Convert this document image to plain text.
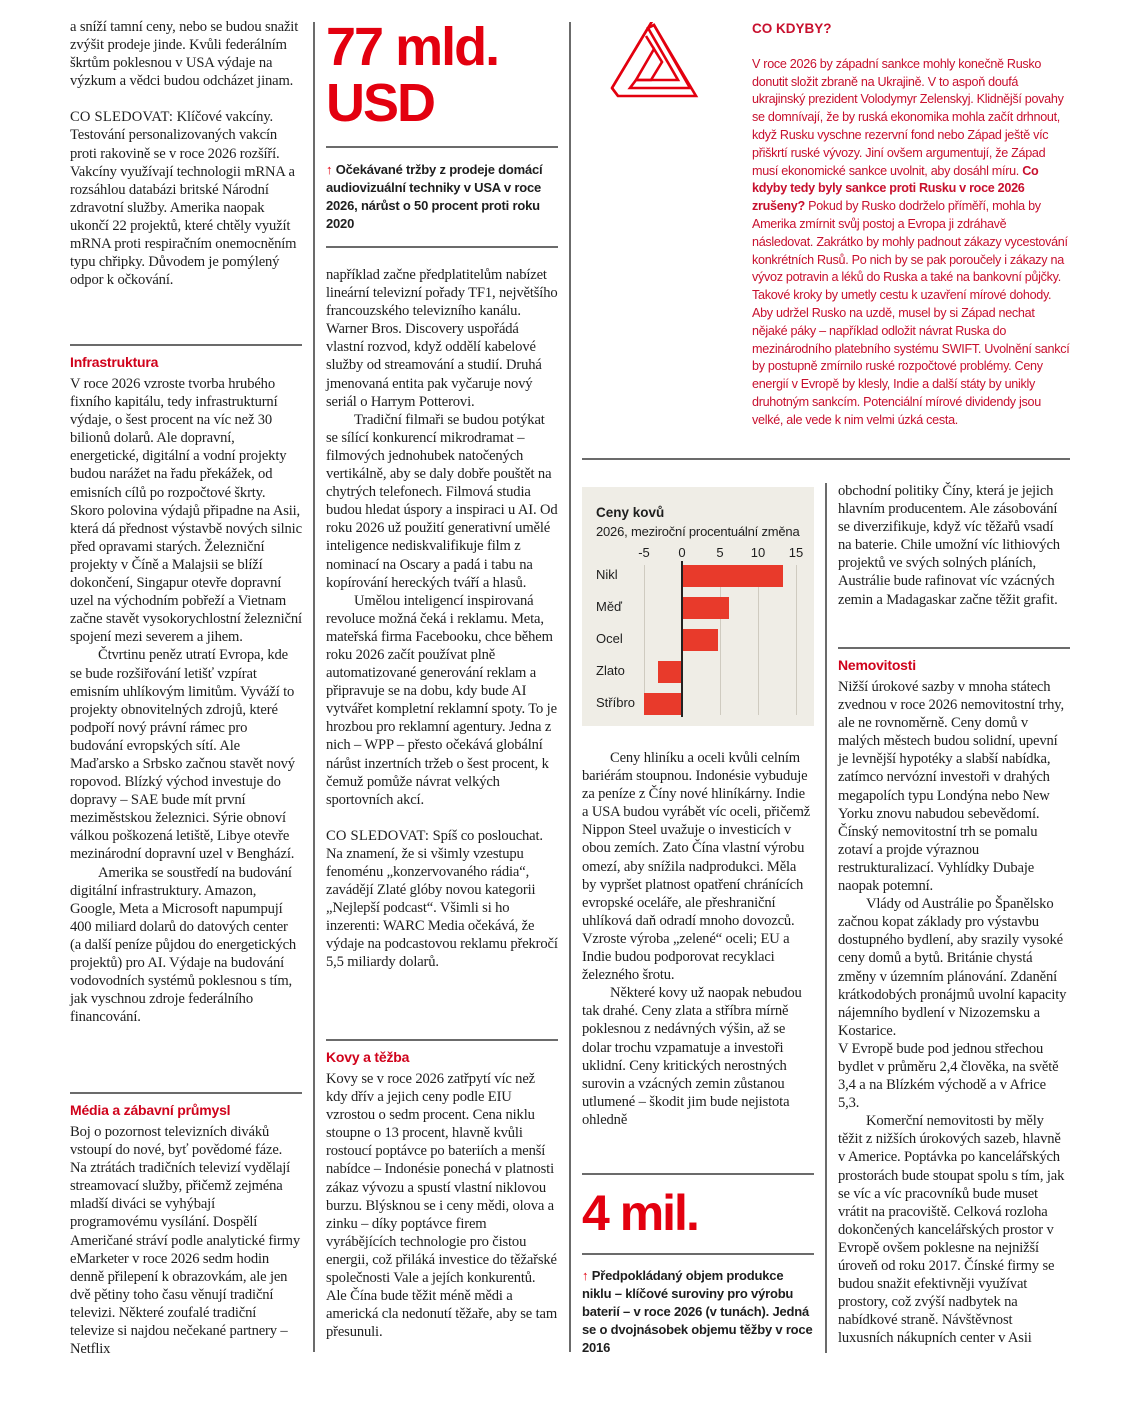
a sníží tamní ceny, nebo se budou snažit zvýšit prodeje jinde. Kvůli federálním škrtům poklesnou v USA výdaje na výzkum a vědci budou odcházet jinam.

CO SLEDOVAT: Klíčové vakcíny. Testování personalizovaných vakcín proti rakovině se v roce 2026 rozšíří. Vakcíny využívají technologii mRNA a rozsáhlou databázi britské Národní zdravotní služby. Amerika naopak ukončí 22 projektů, které chtěly využít mRNA proti respiračním onemocněním typu chřipky. Důvodem je pomýlený odpor k očkování.

Infrastruktura

V roce 2026 vzroste tvorba hrubého fixního kapitálu, tedy infrastrukturní výdaje, o šest procent na víc než 30 bilionů dolarů. Ale dopravní, energetické, digitální a vodní projekty budou narážet na řadu překážek, od emisních cílů po rozpočtové škrty. Skoro polovina výdajů připadne na Asii, která dá přednost výstavbě nových silnic před opravami starých. Železniční projekty v Číně a Malajsii se blíží dokončení, Singapur otevře dopravní uzel na východním pobřeží a Vietnam začne stavět vysokorychlostní železniční spojení mezi severem a jihem.

Čtvrtinu peněz utratí Evropa, kde se bude rozšiřování letišť vzpírat emisním uhlíkovým limitům. Vyváží to projekty obnovitelných zdrojů, které podpoří nový právní rámec pro budování evropských sítí. Ale Maďarsko a Srbsko začnou stavět nový ropovod. Blízký východ investuje do dopravy – SAE bude mít první meziměstskou železnici. Sýrie obnoví válkou poškozená letiště, Libye otevře mezinárodní dopravní uzel v Benghází.

Amerika se soustředí na budování digitální infrastruktury. Amazon, Google, Meta a Microsoft napumpují 400 miliard dolarů do datových center (a další peníze půjdou do energetických projektů) pro AI. Výdaje na budování vodovodních systémů poklesnou s tím, jak vyschnou zdroje federálního financování.

Média a zábavní průmysl

Boj o pozornost televizních diváků vstoupí do nové, byť povědomé fáze. Na ztrátách tradičních televizí vydělají streamovací služby, přičemž zejména mladší diváci se vyhýbají programovému vysílání. Dospělí Američané stráví podle analytické firmy eMarketer v roce 2026 sedm hodin denně přilepení k obrazovkám, ale jen dvě pětiny toho času věnují tradiční televizi. Některé zoufalé tradiční televize si najdou nečekané partnery – Netflix

77 mld.
USD
↑ Očekávané tržby z prodeje domácí audiovizuální techniky v USA v roce 2026, nárůst o 50 procent proti roku 2020

například začne předplatitelům nabízet lineární televizní pořady TF1, největšího francouzského televizního kanálu. Warner Bros. Discovery uspořádá vlastní rozvod, když oddělí kabelové služby od streamování a studií. Druhá jmenovaná entita pak vyčaruje nový seriál o Harrym Potterovi.

Tradiční filmaři se budou potýkat se sílící konkurencí mikrodramat – filmových jednohubek natočených vertikálně, aby se daly dobře pouštět na chytrých telefonech. Filmová studia budou hledat úspory a inspiraci u AI. Od roku 2026 už použití generativní umělé inteligence nediskvalifikuje film z nominací na Oscary a padá i tabu na kopírování hereckých tváří a hlasů.

Umělou inteligencí inspirovaná revoluce možná čeká i reklamu. Meta, mateřská firma Facebooku, chce během roku 2026 začít používat plně automatizované generování reklam a připravuje se na dobu, kdy bude AI vytvářet kompletní reklamní spoty. To je hrozbou pro reklamní agentury. Jedna z nich – WPP – přesto očekává globální nárůst inzertních tržeb o šest procent, k čemuž pomůže návrat velkých sportovních akcí.

CO SLEDOVAT: Spíš co poslouchat. Na znamení, že si všimly vzestupu fenoménu „konzervovaného rádia“, zavádějí Zlaté glóby novou kategorii „Nejlepší podcast“. Všimli si ho inzerenti: WARC Media očekává, že výdaje na podcastovou reklamu překročí 5,5 miliardy dolarů.

Kovy a těžba

Kovy se v roce 2026 zatřpytí víc než kdy dřív a jejich ceny podle EIU vzrostou o sedm procent. Cena niklu stoupne o 13 procent, hlavně kvůli rostoucí poptávce po bateriích a menší nabídce – Indonésie ponechá v platnosti zákaz vývozu a spustí vlastní niklovou burzu. Blýsknou se i ceny mědi, olova a zinku – díky poptávce firem vyrábějících technologie pro čistou energii, což přiláká investice do těžařské společnosti Vale a jejích konkurentů. Ale Čína bude těžit méně mědi a americká cla nedonutí těžaře, aby se tam přesunuli.

CO KDYBY?

V roce 2026 by západní sankce mohly konečně Rusko donutit složit zbraně na Ukrajině. V to aspoň doufá ukrajinský prezident Volodymyr Zelenskyj. Klidnější povahy se domnívají, že by ruská ekonomika mohla začít drhnout, když Rusku vyschne rezervní fond nebo Západ ještě víc přiškrtí ruské vývozy. Jiní ovšem argumentují, že Západ musí ekonomické sankce uvolnit, aby dosáhl míru. Co kdyby tedy byly sankce proti Rusku v roce 2026 zrušeny? Pokud by Rusko dodrželo příměří, mohla by Amerika zmírnit svůj postoj a Evropa ji zdráhavě následovat. Zakrátko by mohly padnout zákazy vycestování konkrétních Rusů. Po nich by se pak poroučely i zákazy na vývoz potravin a léků do Ruska a také na bankovní půjčky. Takové kroky by umetly cestu k uzavření mírové dohody. Aby udržel Rusko na uzdě, musel by si Západ nechat nějaké páky – například odložit návrat Ruska do mezinárodního platebního systému SWIFT. Uvolnění sankcí by postupně zmírnilo ruské rozpočtové problémy. Ceny energií v Evropě by klesly, Indie a další státy by unikly druhotným sankcím. Potenciální mírové dividendy jsou velké, ale vede k nim velmi úzká cesta.

Ceny kovů
2026, meziroční procentuální změna
-5 0 5 10 15
Nikl
Měď
Ocel
Zlato
Stříbro

Ceny hliníku a oceli kvůli celním bariérám stoupnou. Indonésie vybuduje za peníze z Číny nové hliníkárny. Indie a USA budou vyrábět víc oceli, přičemž Nippon Steel uvažuje o investicích v obou zemích. Zato Čína vlastní výrobu omezí, aby snížila nadprodukci. Měla by vypršet platnost opatření chránících evropské oceláře, ale přeshraniční uhlíková daň odradí mnoho dovozců. Vzroste výroba „zelené“ oceli; EU a Indie budou podporovat recyklaci železného šrotu.

Některé kovy už naopak nebudou tak drahé. Ceny zlata a stříbra mírně poklesnou z nedávných výšin, až se dolar trochu vzpamatuje a investoři uklidní. Ceny kritických nerostných surovin a vzácných zemin zůstanou utlumené – škodit jim bude nejistota ohledně

4 mil.
↑ Předpokládaný objem produkce niklu – klíčové suroviny pro výrobu baterií – v roce 2026 (v tunách). Jedná se o dvojnásobek objemu těžby v roce 2016

obchodní politiky Číny, která je jejich hlavním producentem. Ale zásobování se diverzifikuje, když víc těžařů vsadí na baterie. Chile umožní víc lithiových projektů ve svých solných pláních, Austrálie bude rafinovat víc vzácných zemin a Madagaskar začne těžit grafit.

Nemovitosti

Nižší úrokové sazby v mnoha státech zvednou v roce 2026 nemovitostní trhy, ale ne rovnoměrně. Ceny domů v malých městech budou solidní, upevní je levnější hypotéky a slabší nabídka, zatímco nervózní investoři v drahých megapolích typu Londýna nebo New Yorku znovu nabudou sebevědomí. Čínský nemovitostní trh se pomalu zotaví a projde výraznou restrukturalizací. Vyhlídky Dubaje naopak potemní.

Vlády od Austrálie po Španělsko začnou kopat základy pro výstavbu dostupného bydlení, aby srazily vysoké ceny domů a bytů. Británie chystá změny v územním plánování. Zdanění krátkodobých pronájmů uvolní kapacity nájemního bydlení v Nizozemsku a Kostarice.

V Evropě bude pod jednou střechou bydlet v průměru 2,4 člověka, na světě 3,4 a na Blízkém východě a v Africe 5,3.

Komerční nemovitosti by měly těžit z nižších úrokových sazeb, hlavně v Americe. Poptávka po kancelářských prostorách bude stoupat spolu s tím, jak se víc a víc pracovníků bude muset vrátit na pracoviště. Celková rozloha dokončených kancelářských prostor v Evropě ovšem poklesne na nejnižší úroveň od roku 2017. Čínské firmy se budou snažit efektivněji využívat prostory, což zvýší nadbytek na nabídkové straně. Návštěvnost luxusních nákupních center v Asii
